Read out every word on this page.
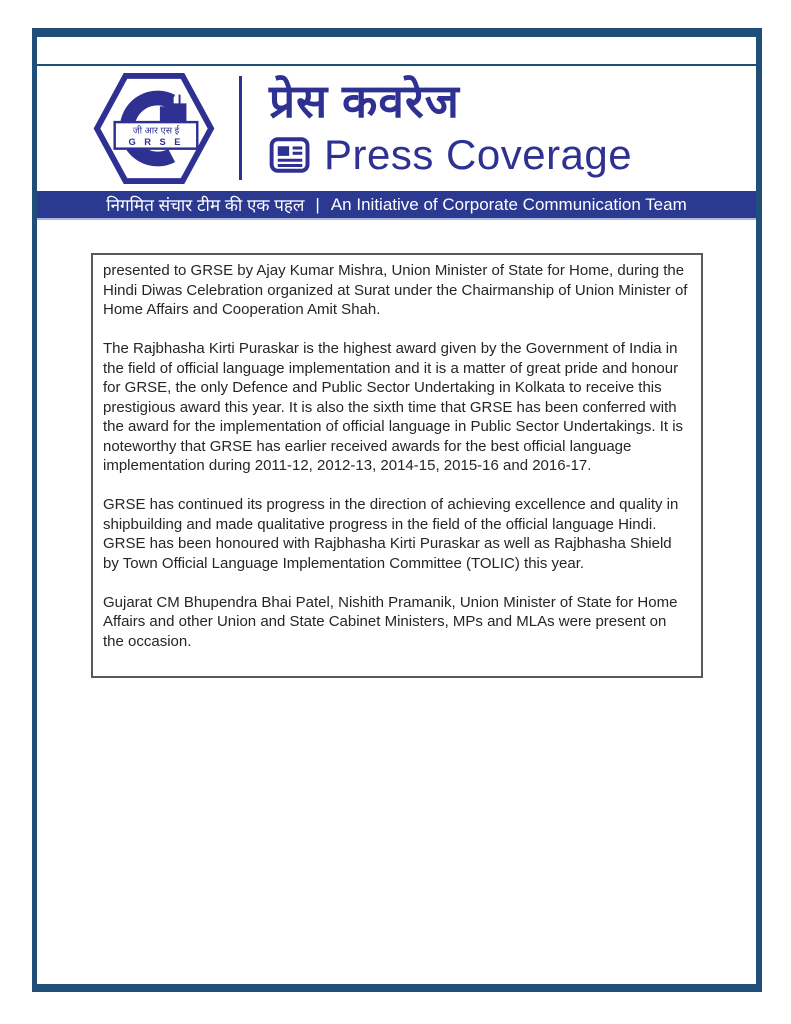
जी आर एस ई
G R S E
प्रेस कवरेज
Press Coverage
निगमित संचार टीम की एक पहल | An Initiative of Corporate Communication Team

presented to GRSE by Ajay Kumar Mishra, Union Minister of State for Home, during the Hindi Diwas Celebration organized at Surat under the Chairmanship of Union Minister of Home Affairs and Cooperation Amit Shah.

The Rajbhasha Kirti Puraskar is the highest award given by the Government of India in the field of official language implementation and it is a matter of great pride and honour for GRSE, the only Defence and Public Sector Undertaking in Kolkata to receive this prestigious award this year. It is also the sixth time that GRSE has been conferred with the award for the implementation of official language in Public Sector Undertakings. It is noteworthy that GRSE has earlier received awards for the best official language implementation during 2011-12, 2012-13, 2014-15, 2015-16 and 2016-17.

GRSE has continued its progress in the direction of achieving excellence and quality in shipbuilding and made qualitative progress in the field of the official language Hindi. GRSE has been honoured with Rajbhasha Kirti Puraskar as well as Rajbhasha Shield by Town Official Language Implementation Committee (TOLIC) this year.

Gujarat CM Bhupendra Bhai Patel, Nishith Pramanik, Union Minister of State for Home Affairs and other Union and State Cabinet Ministers, MPs and MLAs were present on the occasion.
